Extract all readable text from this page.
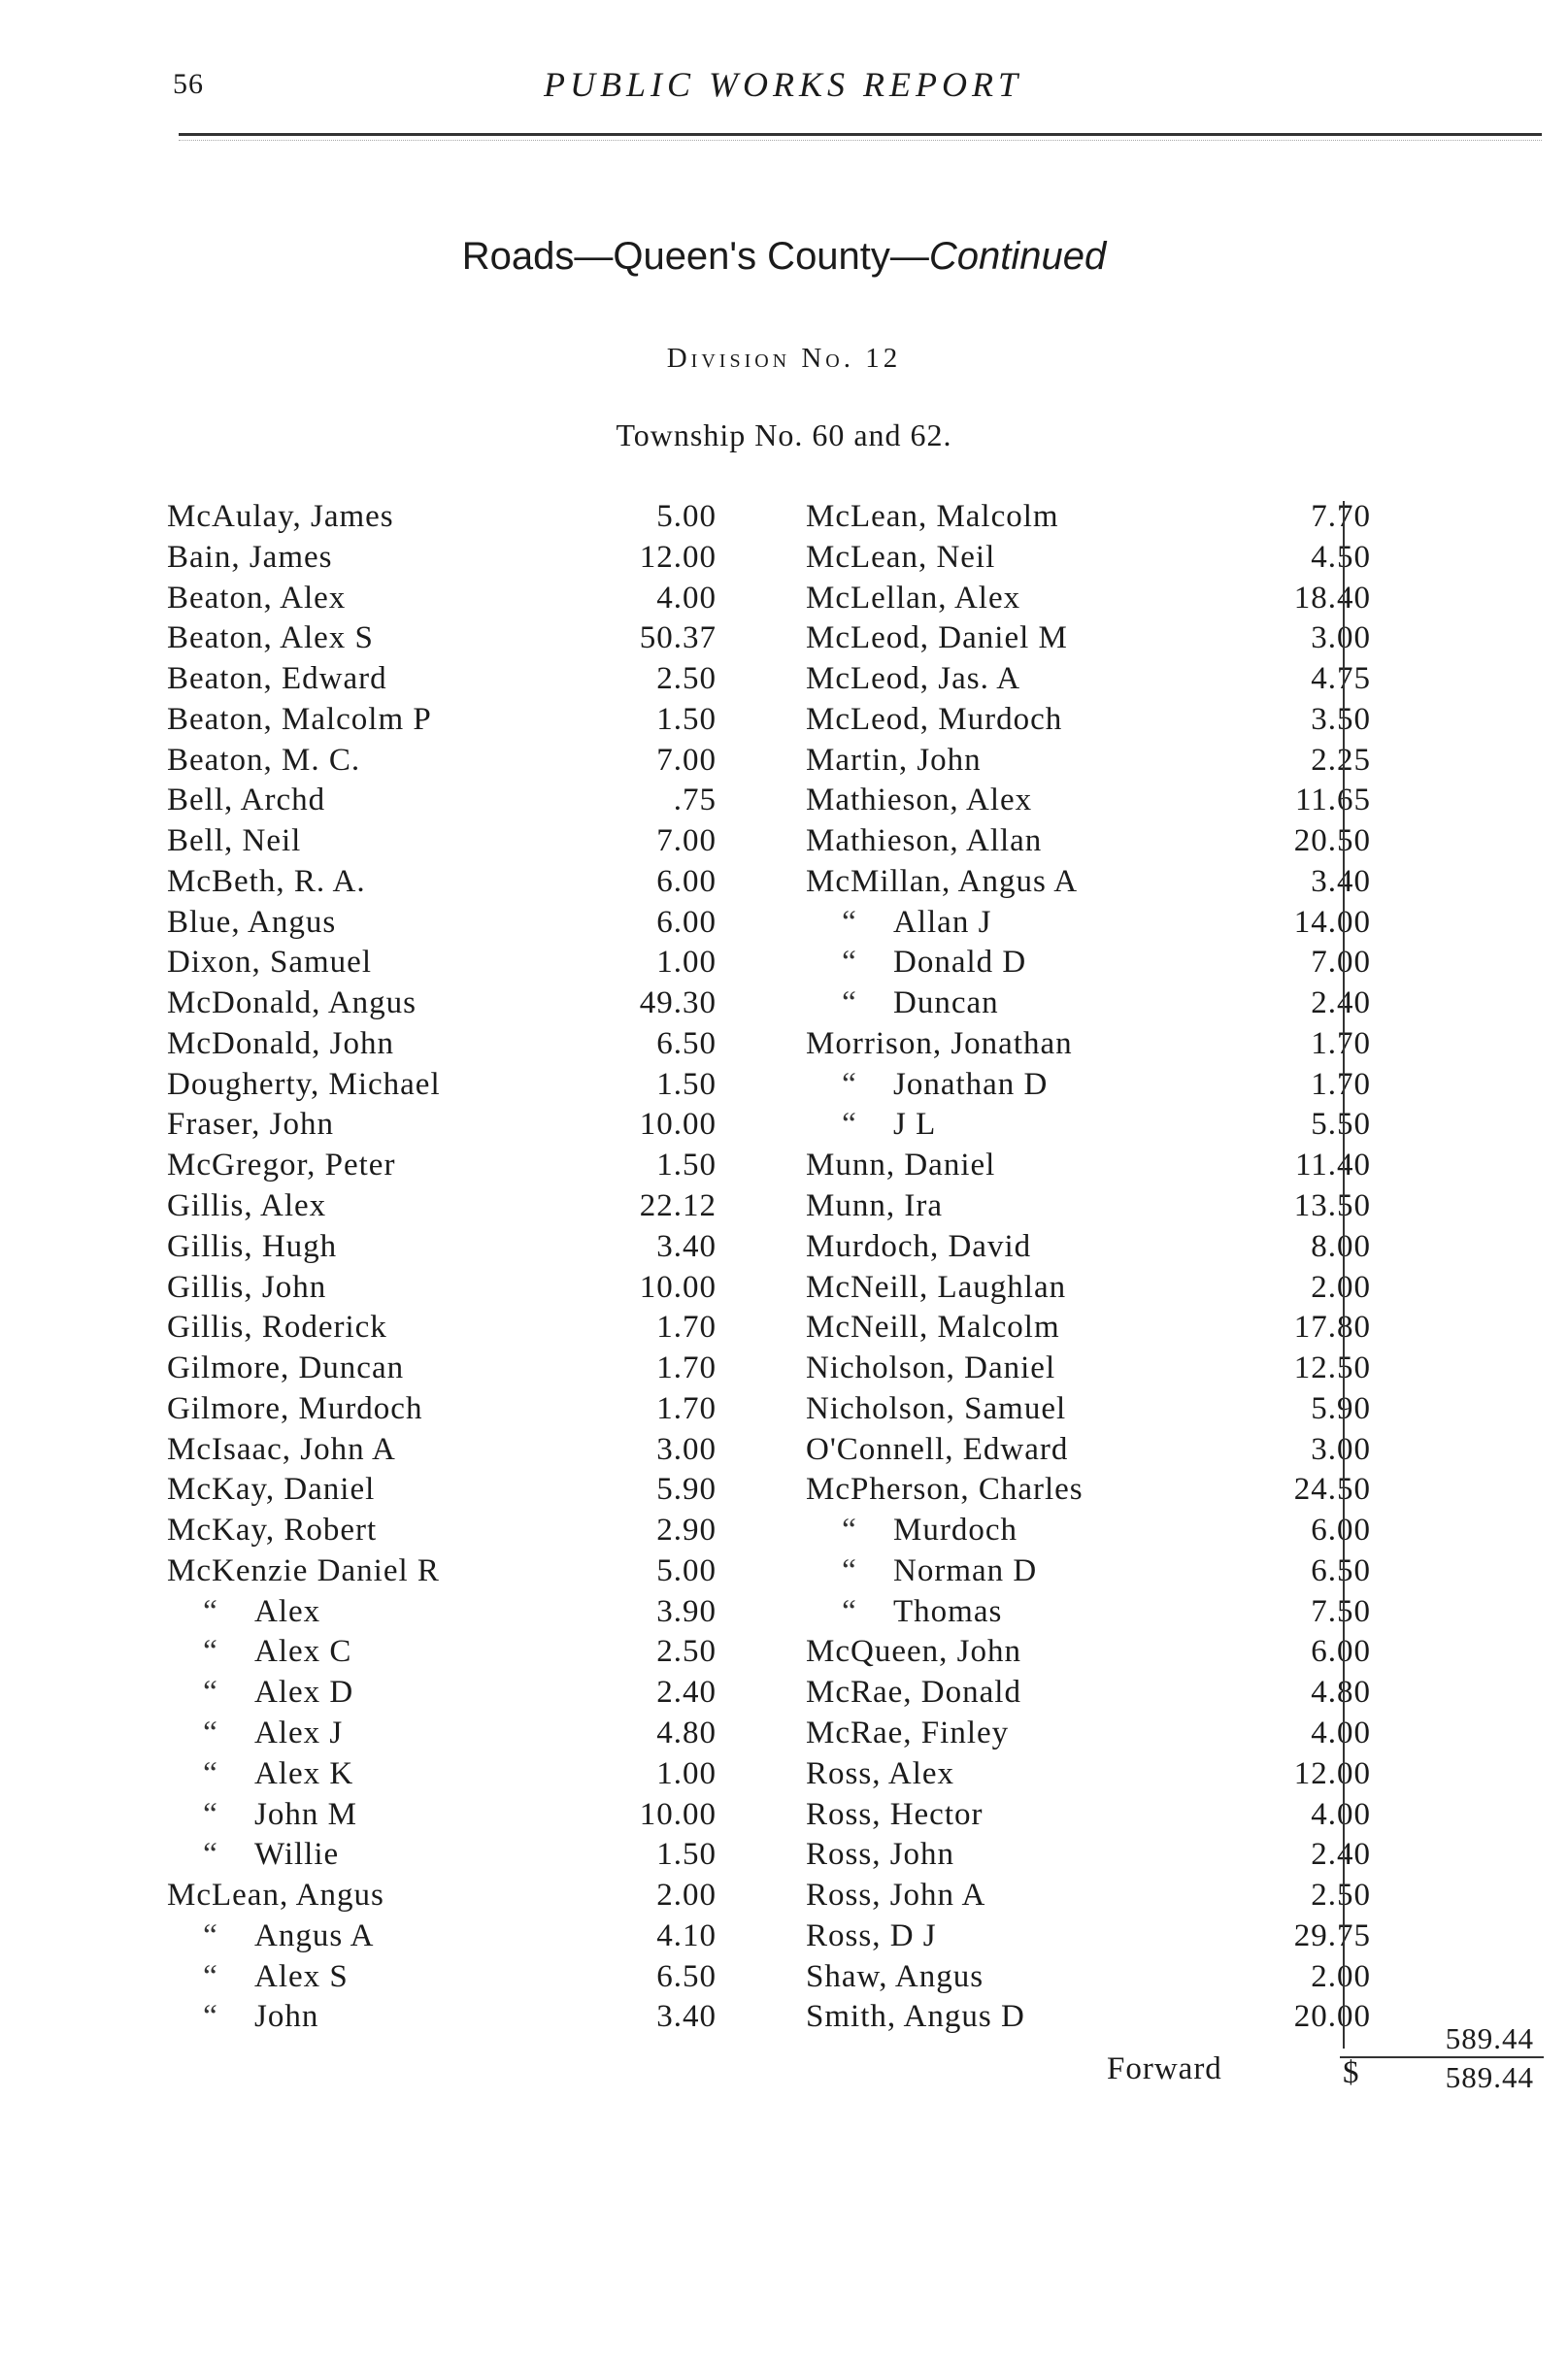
56	PUBLIC WORKS REPORT
Roads—Queen's County—Continued
Division No. 12
Township No. 60 and 62.
McAulay, James	5.00
Bain, James	12.00
Beaton, Alex	4.00
Beaton, Alex S	50.37
Beaton, Edward	2.50
Beaton, Malcolm P	1.50
Beaton, M. C.	7.00
Bell, Archd	.75
Bell, Neil	7.00
McBeth, R. A.	6.00
Blue, Angus	6.00
Dixon, Samuel	1.00
McDonald, Angus	49.30
McDonald, John	6.50
Dougherty, Michael	1.50
Fraser, John	10.00
McGregor, Peter	1.50
Gillis, Alex	22.12
Gillis, Hugh	3.40
Gillis, John	10.00
Gillis, Roderick	1.70
Gilmore, Duncan	1.70
Gilmore, Murdoch	1.70
McIsaac, John A	3.00
McKay, Daniel	5.90
McKay, Robert	2.90
McKenzie Daniel R	5.00
“ Alex	3.90
“ Alex C	2.50
“ Alex D	2.40
“ Alex J	4.80
“ Alex K	1.00
“ John M	10.00
“ Willie	1.50
McLean, Angus	2.00
“ Angus A	4.10
“ Alex S	6.50
“ John	3.40
McLean, Malcolm	7.70
McLean, Neil	4.50
McLellan, Alex	18.40
McLeod, Daniel M	3.00
McLeod, Jas. A	4.75
McLeod, Murdoch	3.50
Martin, John	2.25
Mathieson, Alex	11.65
Mathieson, Allan	20.50
McMillan, Angus A	3.40
“ Allan J	14.00
“ Donald D	7.00
“ Duncan	2.40
Morrison, Jonathan	1.70
“ Jonathan D	1.70
“ J L	5.50
Munn, Daniel	11.40
Munn, Ira	13.50
Murdoch, David	8.00
McNeill, Laughlan	2.00
McNeill, Malcolm	17.80
Nicholson, Daniel	12.50
Nicholson, Samuel	5.90
O'Connell, Edward	3.00
McPherson, Charles	24.50
“ Murdoch	6.00
“ Norman D	6.50
“ Thomas	7.50
McQueen, John	6.00
McRae, Donald	4.80
McRae, Finley	4.00
Ross, Alex	12.00
Ross, Hector	4.00
Ross, John	2.40
Ross, John A	2.50
Ross, D J	29.75
Shaw, Angus	2.00
Smith, Angus D	20.00
589.44
Forward	$	589.44
